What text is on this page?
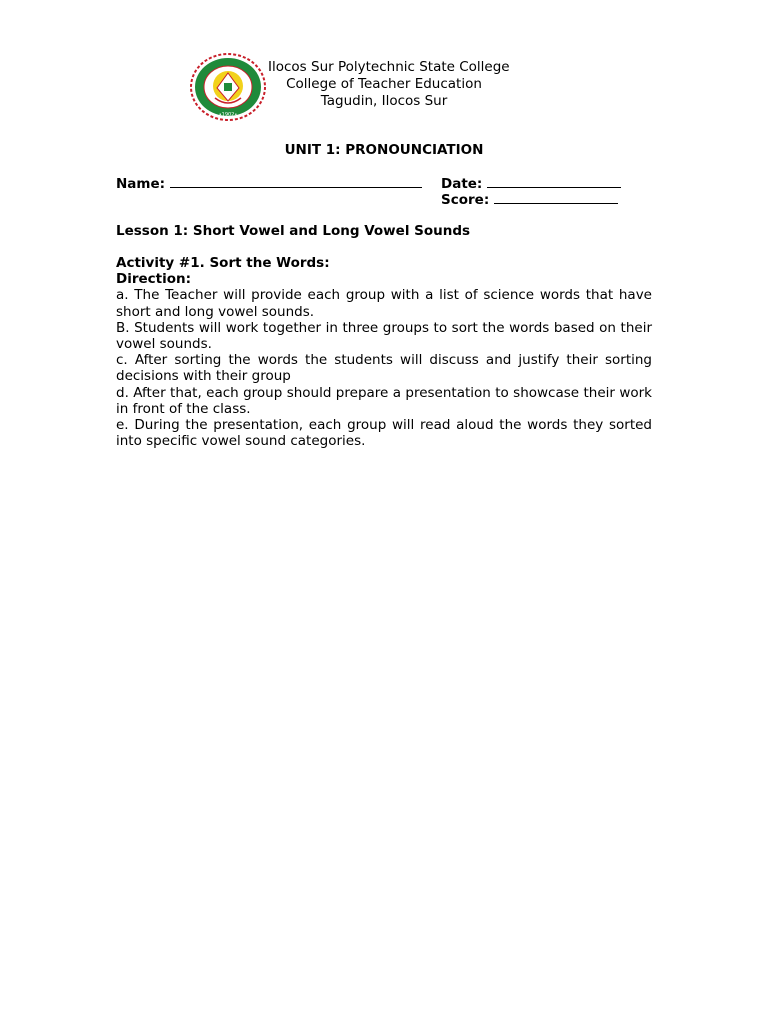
•1902•
Ilocos Sur Polytechnic State College
College of Teacher Education
Tagudin, Ilocos Sur
UNIT 1: PRONOUNCIATION
Name:	Date:
Score:
Lesson 1: Short Vowel and Long Vowel Sounds
Activity #1. Sort the Words:
Direction:

a. The Teacher will provide each group with a list of science words that have short and long vowel sounds.

B. Students will work together in three groups to sort the words based on their vowel sounds.

c. After sorting the words the students will discuss and justify their sorting decisions with their group

d. After that, each group should prepare a presentation to showcase their work in front of the class.

e. During the presentation, each group will read aloud the words they sorted into specific vowel sound categories.
